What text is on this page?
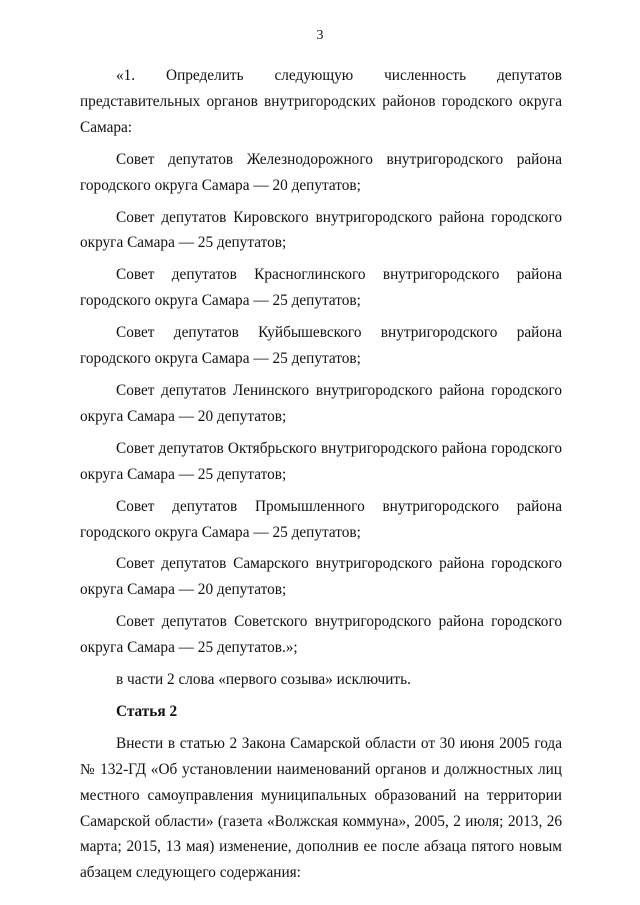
3

«1. Определить следующую численность депутатов представительных органов внутригородских районов городского округа Самара:

Совет депутатов Железнодорожного внутригородского района городского округа Самара — 20 депутатов;

Совет депутатов Кировского внутригородского района городского округа Самара — 25 депутатов;

Совет депутатов Красноглинского внутригородского района городского округа Самара — 25 депутатов;

Совет депутатов Куйбышевского внутригородского района городского округа Самара — 25 депутатов;

Совет депутатов Ленинского внутригородского района городского округа Самара — 20 депутатов;

Совет депутатов Октябрьского внутригородского района городского округа Самара — 25 депутатов;

Совет депутатов Промышленного внутригородского района городского округа Самара — 25 депутатов;

Совет депутатов Самарского внутригородского района городского округа Самара — 20 депутатов;

Совет депутатов Советского внутригородского района городского округа Самара — 25 депутатов.»;

в части 2 слова «первого созыва» исключить.

Статья 2

Внести в статью 2 Закона Самарской области от 30 июня 2005 года № 132-ГД «Об установлении наименований органов и должностных лиц местного самоуправления муниципальных образований на территории Самарской области» (газета «Волжская коммуна», 2005, 2 июля; 2013, 26 марта; 2015, 13 мая) изменение, дополнив ее после абзаца пятого новым абзацем следующего содержания:
